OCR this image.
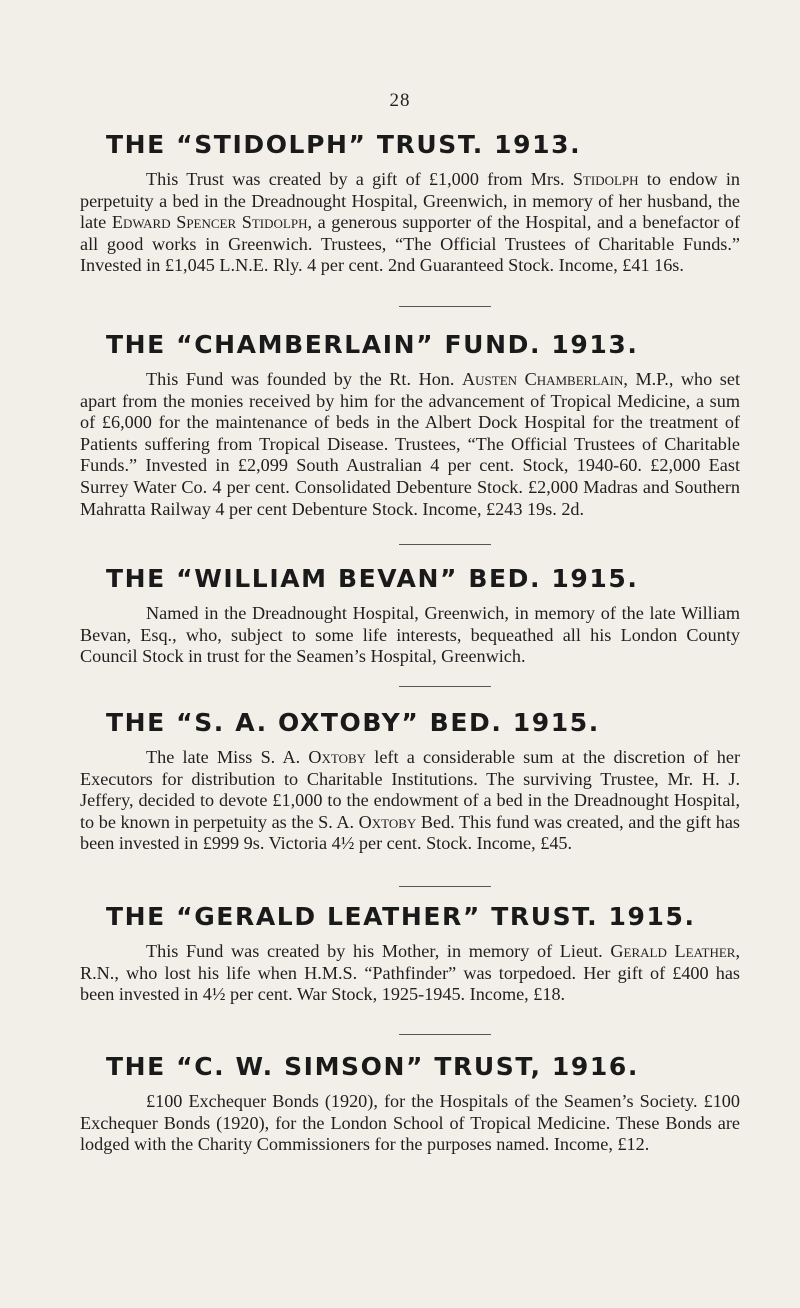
28
THE “STIDOLPH” TRUST. 1913.

This Trust was created by a gift of £1,000 from Mrs. Stidolph to endow in perpetuity a bed in the Dreadnought Hospital, Greenwich, in memory of her husband, the late Edward Spencer Stidolph, a generous supporter of the Hospital, and a benefactor of all good works in Greenwich. Trustees, “The Official Trustees of Charitable Funds.” Invested in £1,045 L.N.E. Rly. 4 per cent. 2nd Guaranteed Stock. Income, £41 16s.

THE “CHAMBERLAIN” FUND. 1913.

This Fund was founded by the Rt. Hon. Austen Chamberlain, M.P., who set apart from the monies received by him for the advancement of Tropical Medicine, a sum of £6,000 for the maintenance of beds in the Albert Dock Hospital for the treatment of Patients suffering from Tropical Disease. Trustees, “The Official Trustees of Charitable Funds.” Invested in £2,099 South Australian 4 per cent. Stock, 1940-60. £2,000 East Surrey Water Co. 4 per cent. Consolidated Debenture Stock. £2,000 Madras and Southern Mahratta Railway 4 per cent Debenture Stock. Income, £243 19s. 2d.

THE “WILLIAM BEVAN” BED. 1915.

Named in the Dreadnought Hospital, Greenwich, in memory of the late William Bevan, Esq., who, subject to some life interests, bequeathed all his London County Council Stock in trust for the Seamen’s Hospital, Greenwich.

THE “S. A. OXTOBY” BED. 1915.

The late Miss S. A. Oxtoby left a considerable sum at the discretion of her Executors for distribution to Charitable Institutions. The surviving Trustee, Mr. H. J. Jeffery, decided to devote £1,000 to the endowment of a bed in the Dreadnought Hospital, to be known in perpetuity as the S. A. Oxtoby Bed. This fund was created, and the gift has been invested in £999 9s. Victoria 4½ per cent. Stock. Income, £45.

THE “GERALD LEATHER” TRUST. 1915.

This Fund was created by his Mother, in memory of Lieut. Gerald Leather, R.N., who lost his life when H.M.S. “Pathfinder” was torpedoed. Her gift of £400 has been invested in 4½ per cent. War Stock, 1925-1945. Income, £18.

THE “C. W. SIMSON” TRUST, 1916.

£100 Exchequer Bonds (1920), for the Hospitals of the Seamen’s Society. £100 Exchequer Bonds (1920), for the London School of Tropical Medicine. These Bonds are lodged with the Charity Commissioners for the purposes named. Income, £12.
